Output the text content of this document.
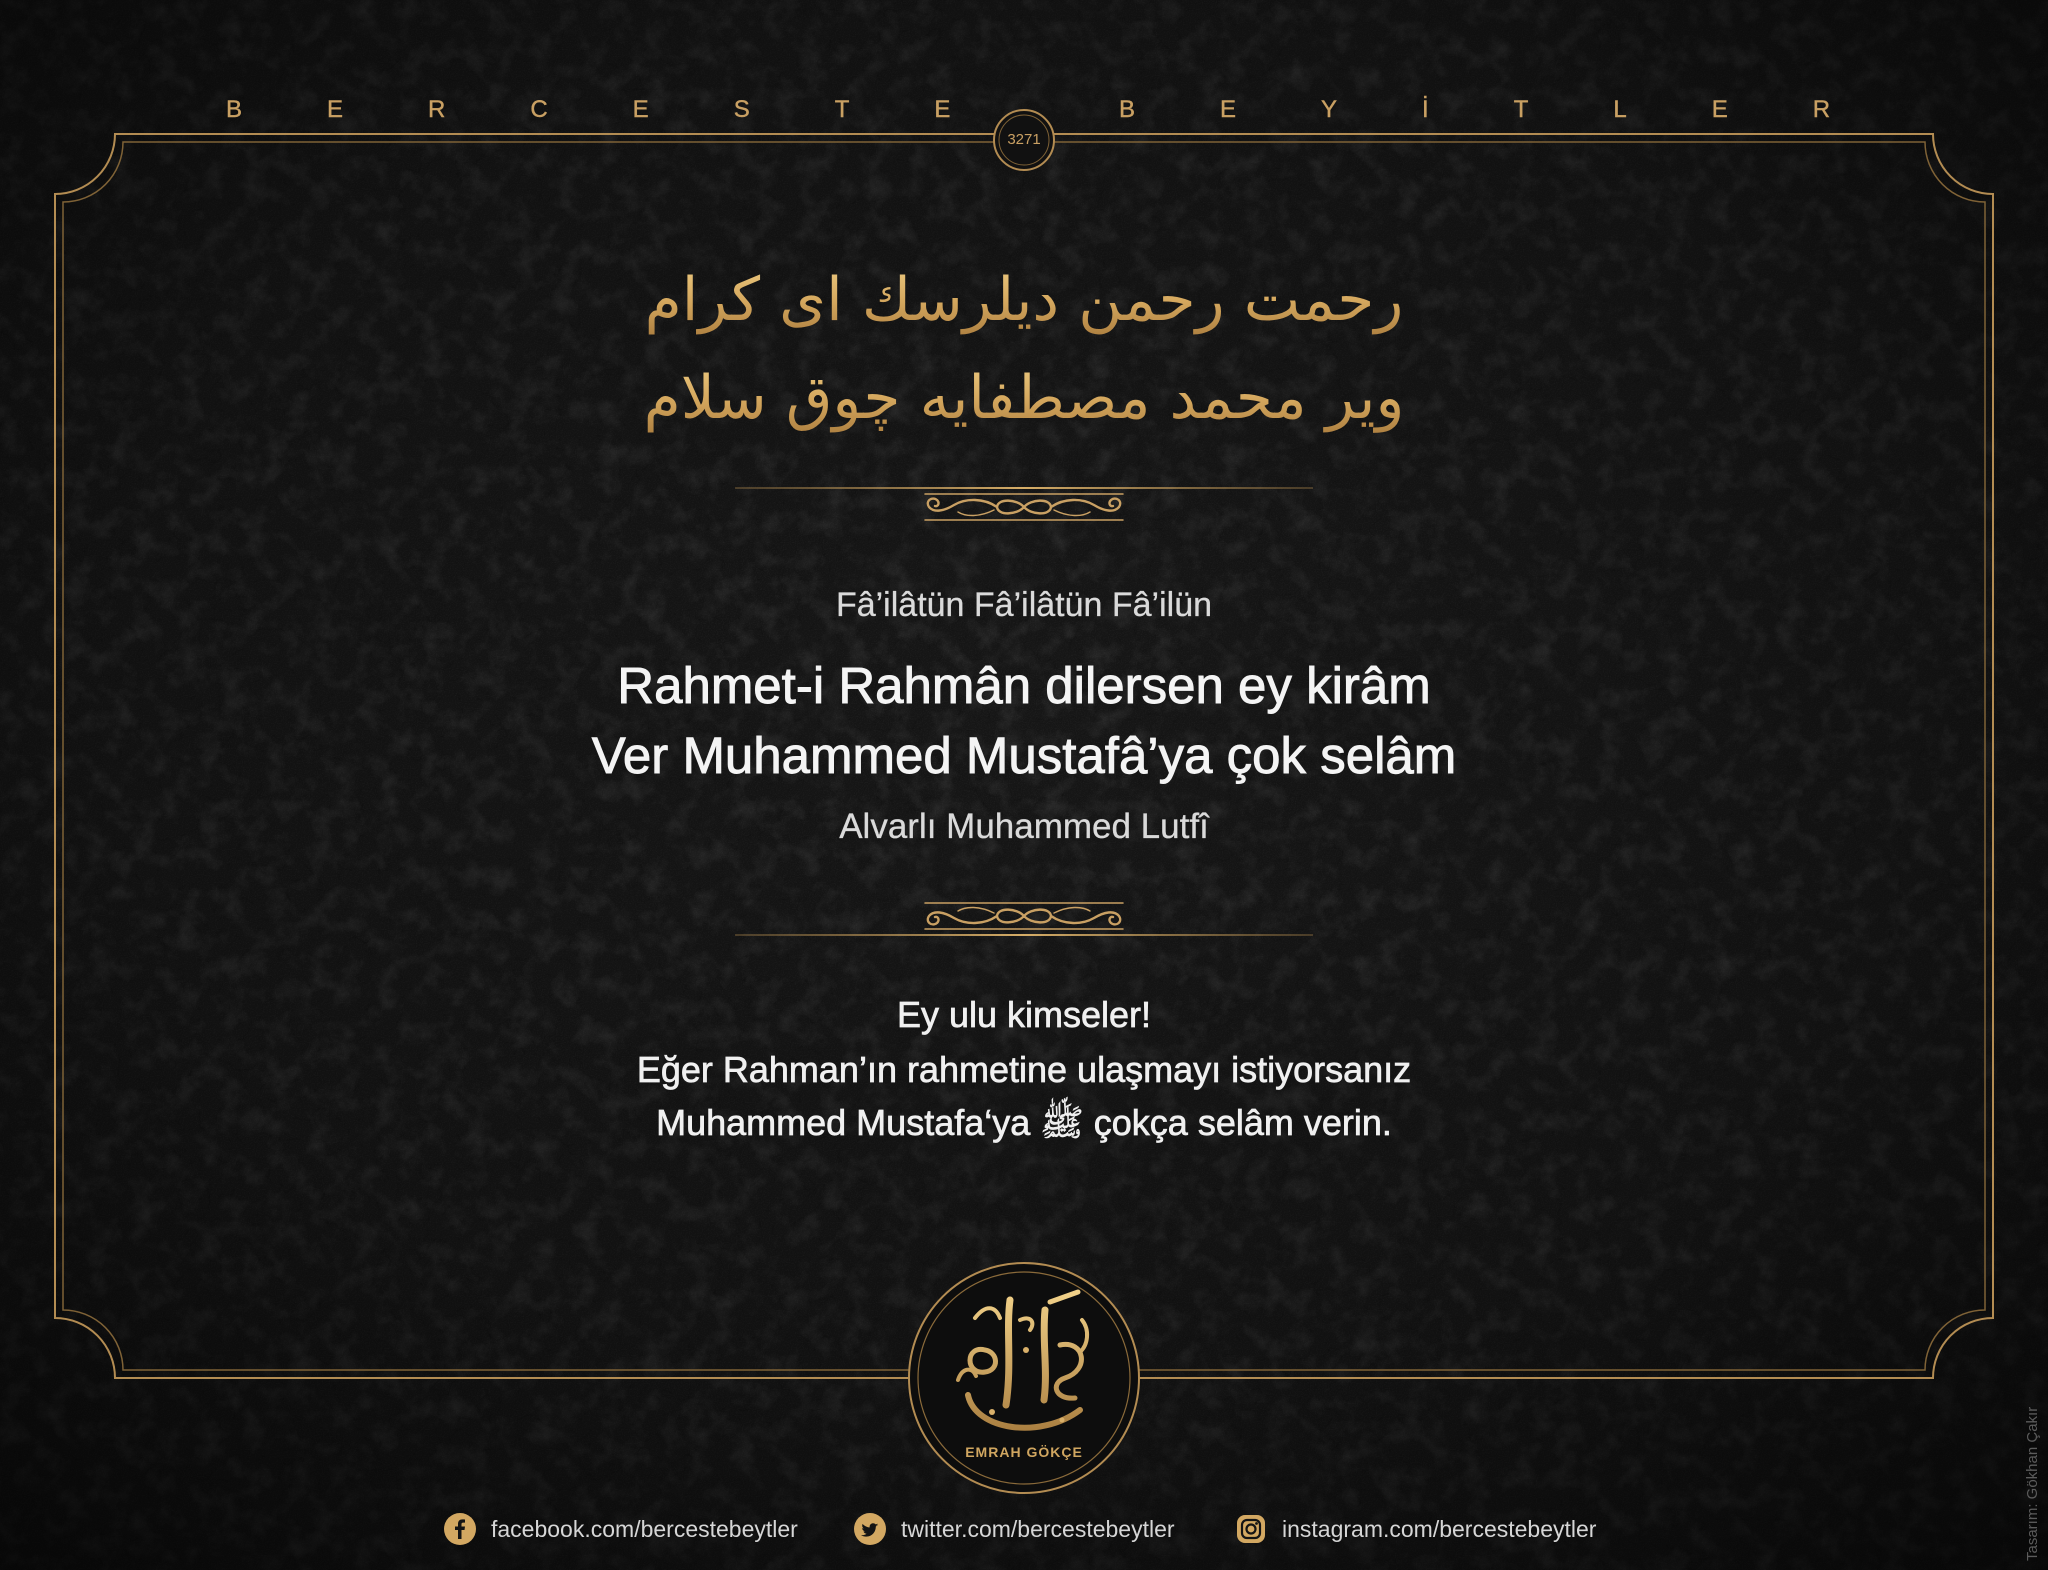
BERCESTE	BEYİTLER
3271
رحمت رحمن دیلرسك ای كرام
ویر محمد مصطفایه چوق سلام
Fâ’ilâtün Fâ’ilâtün Fâ’ilün
Rahmet-i Rahmân dilersen ey kirâm
Ver Muhammed Mustafâ’ya çok selâm
Alvarlı Muhammed Lutfî
Ey ulu kimseler!
Eğer Rahman’ın rahmetine ulaşmayı istiyorsanız
Muhammed Mustafa‘ya ﷺ çokça selâm verin.
EMRAH GÖKÇE
facebook.com/bercestebeytler	twitter.com/bercestebeytler	instagram.com/bercestebeytler	Tasarım: Gökhan Çakır
